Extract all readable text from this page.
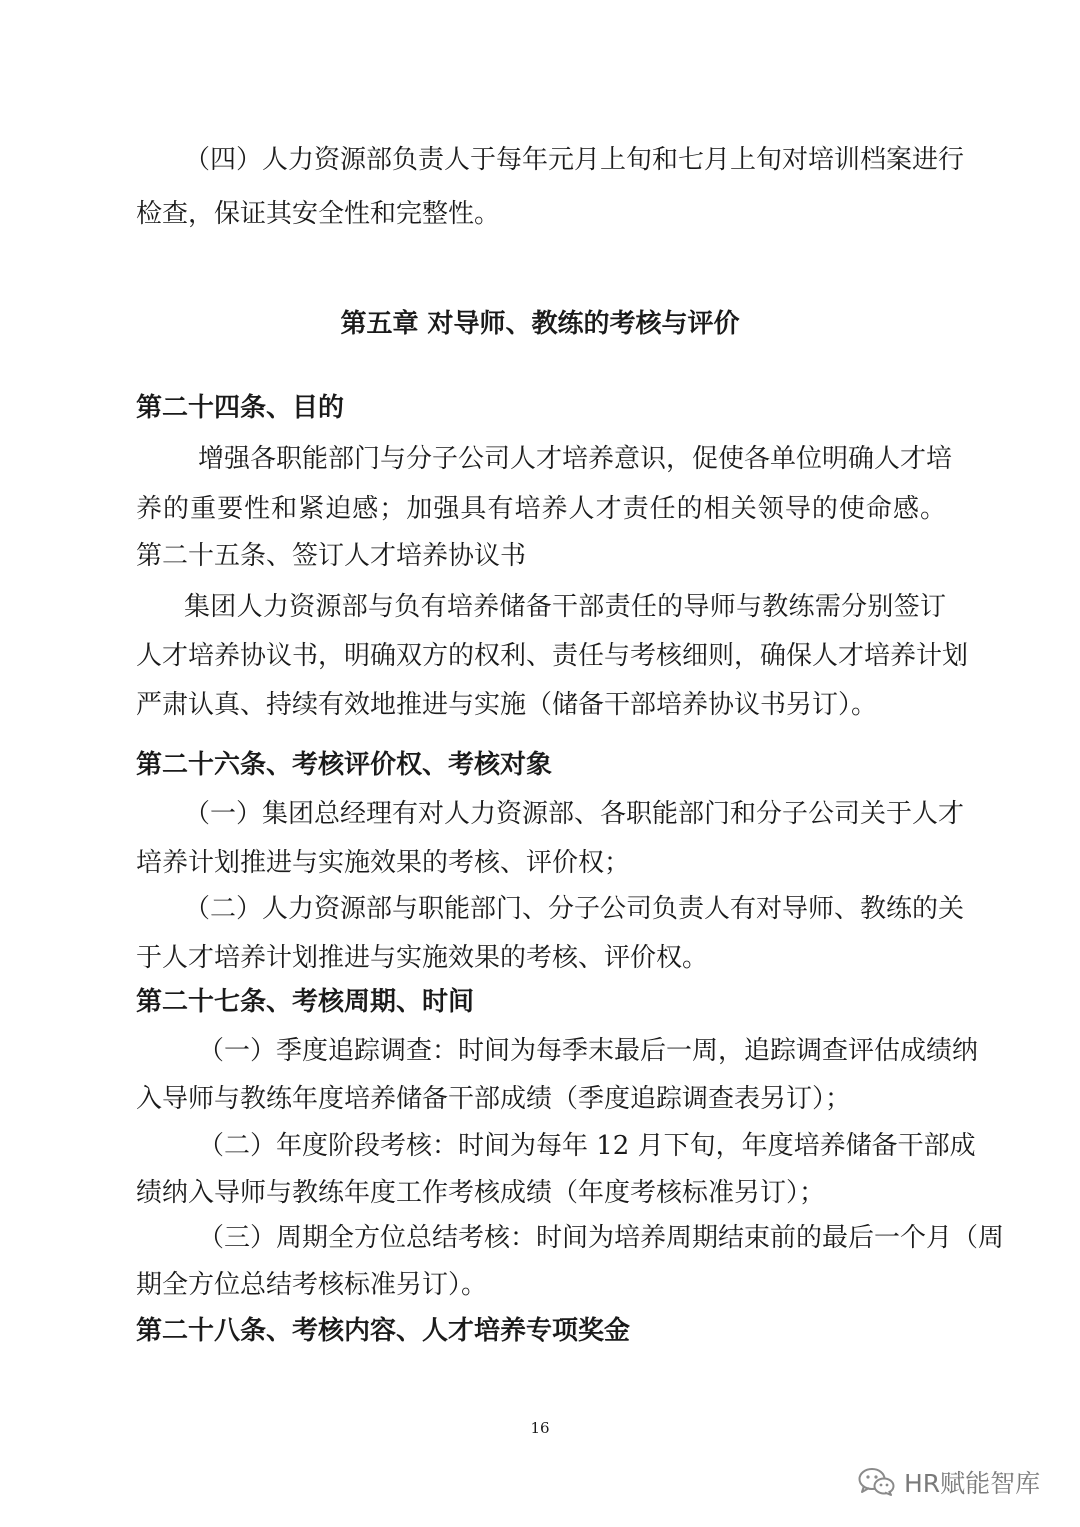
（四）人力资源部负责人于每年元月上旬和七月上旬对培训档案进行
检查，保证其安全性和完整性。
第五章 对导师、教练的考核与评价
第二十四条、目的
增强各职能部门与分子公司人才培养意识，促使各单位明确人才培
养的重要性和紧迫感；加强具有培养人才责任的相关领导的使命感。
第二十五条、签订人才培养协议书
集团人力资源部与负有培养储备干部责任的导师与教练需分别签订
人才培养协议书，明确双方的权利、责任与考核细则，确保人才培养计划
严肃认真、持续有效地推进与实施（储备干部培养协议书另订）。
第二十六条、考核评价权、考核对象
（一）集团总经理有对人力资源部、各职能部门和分子公司关于人才
培养计划推进与实施效果的考核、评价权；
（二）人力资源部与职能部门、分子公司负责人有对导师、教练的关
于人才培养计划推进与实施效果的考核、评价权。
第二十七条、考核周期、时间
（一）季度追踪调查：时间为每季末最后一周，追踪调查评估成绩纳
入导师与教练年度培养储备干部成绩（季度追踪调查表另订）；
（二）年度阶段考核：时间为每年 12 月下旬，年度培养储备干部成
绩纳入导师与教练年度工作考核成绩（年度考核标准另订）；
（三）周期全方位总结考核：时间为培养周期结束前的最后一个月（周
期全方位总结考核标准另订）。
第二十八条、考核内容、人才培养专项奖金
16
HR赋能智库
